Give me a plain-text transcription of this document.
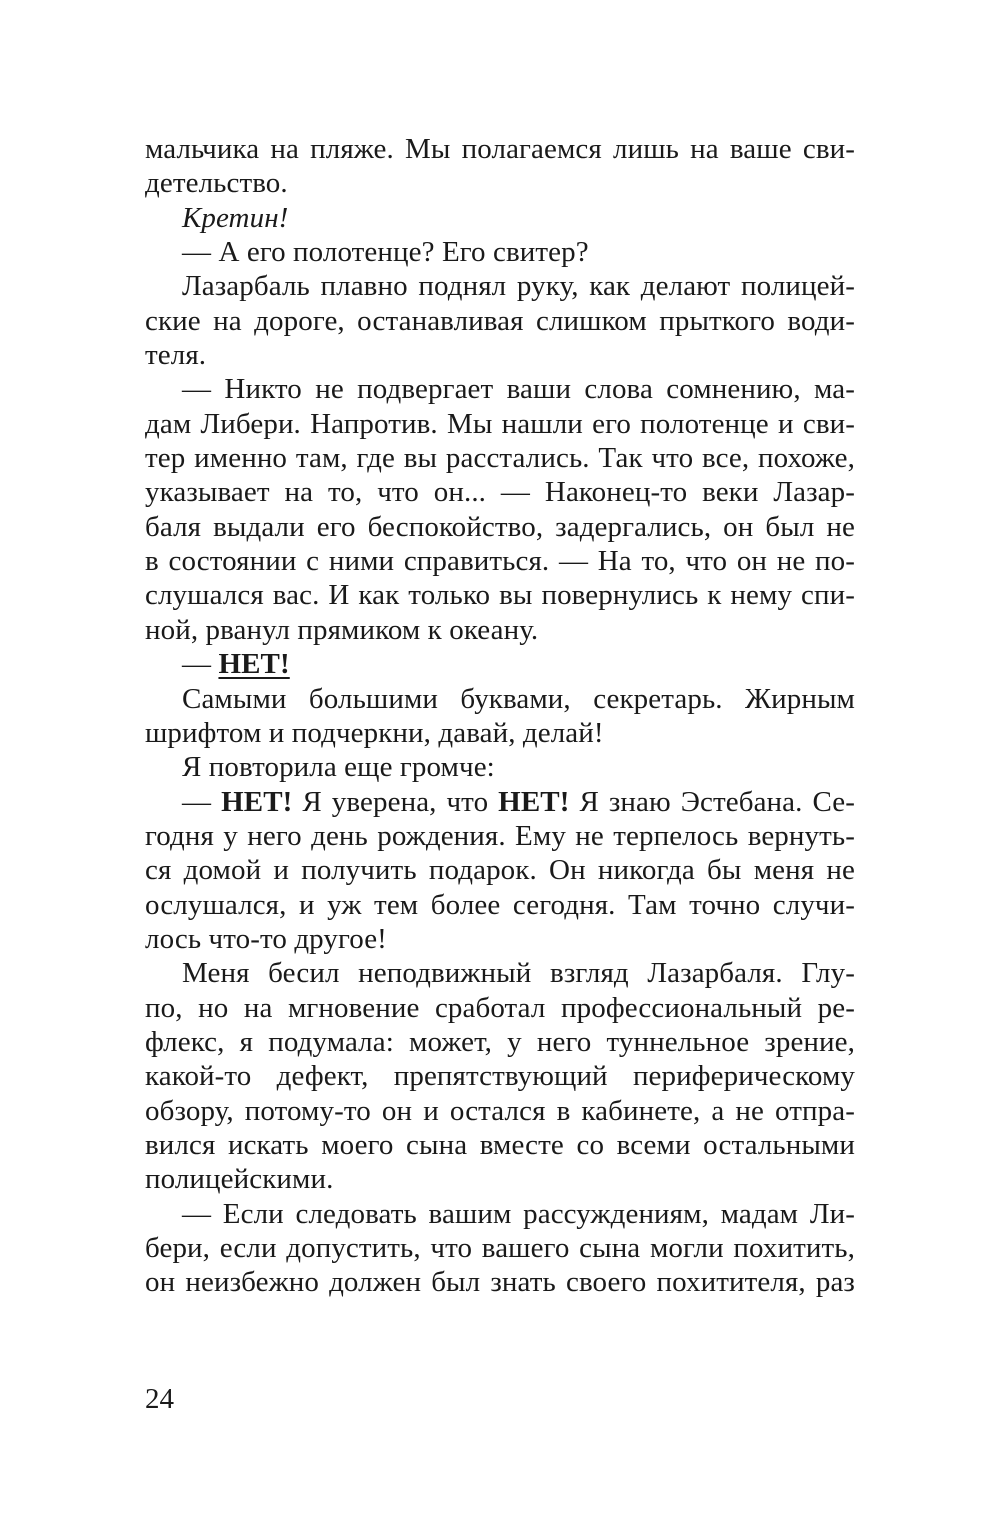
мальчика на пляже. Мы полагаемся лишь на ваше сви-
детельство.
Кретин!
— А его полотенце? Его свитер?
Лазарбаль плавно поднял руку, как делают полицей-
ские на дороге, останавливая слишком прыткого води-
теля.
— Никто не подвергает ваши слова сомнению, ма-
дам Либери. Напротив. Мы нашли его полотенце и сви-
тер именно там, где вы расстались. Так что все, похоже,
указывает на то, что он... — Наконец-то веки Лазар-
баля выдали его беспокойство, задергались, он был не
в состоянии с ними справиться. — На то, что он не по-
слушался вас. И как только вы повернулись к нему спи-
ной, рванул прямиком к океану.
— НЕТ!
Самыми большими буквами, секретарь. Жирным
шрифтом и подчеркни, давай, делай!
Я повторила еще громче:
— НЕТ! Я уверена, что НЕТ! Я знаю Эстебана. Се-
годня у него день рождения. Ему не терпелось вернуть-
ся домой и получить подарок. Он никогда бы меня не
ослушался, и уж тем более сегодня. Там точно случи-
лось что-то другое!
Меня бесил неподвижный взгляд Лазарбаля. Глу-
по, но на мгновение сработал профессиональный ре-
флекс, я подумала: может, у него туннельное зрение,
какой-то дефект, препятствующий периферическому
обзору, потому-то он и остался в кабинете, а не отпра-
вился искать моего сына вместе со всеми остальными
полицейскими.
— Если следовать вашим рассуждениям, мадам Ли-
бери, если допустить, что вашего сына могли похитить,
он неизбежно должен был знать своего похитителя, раз
24
